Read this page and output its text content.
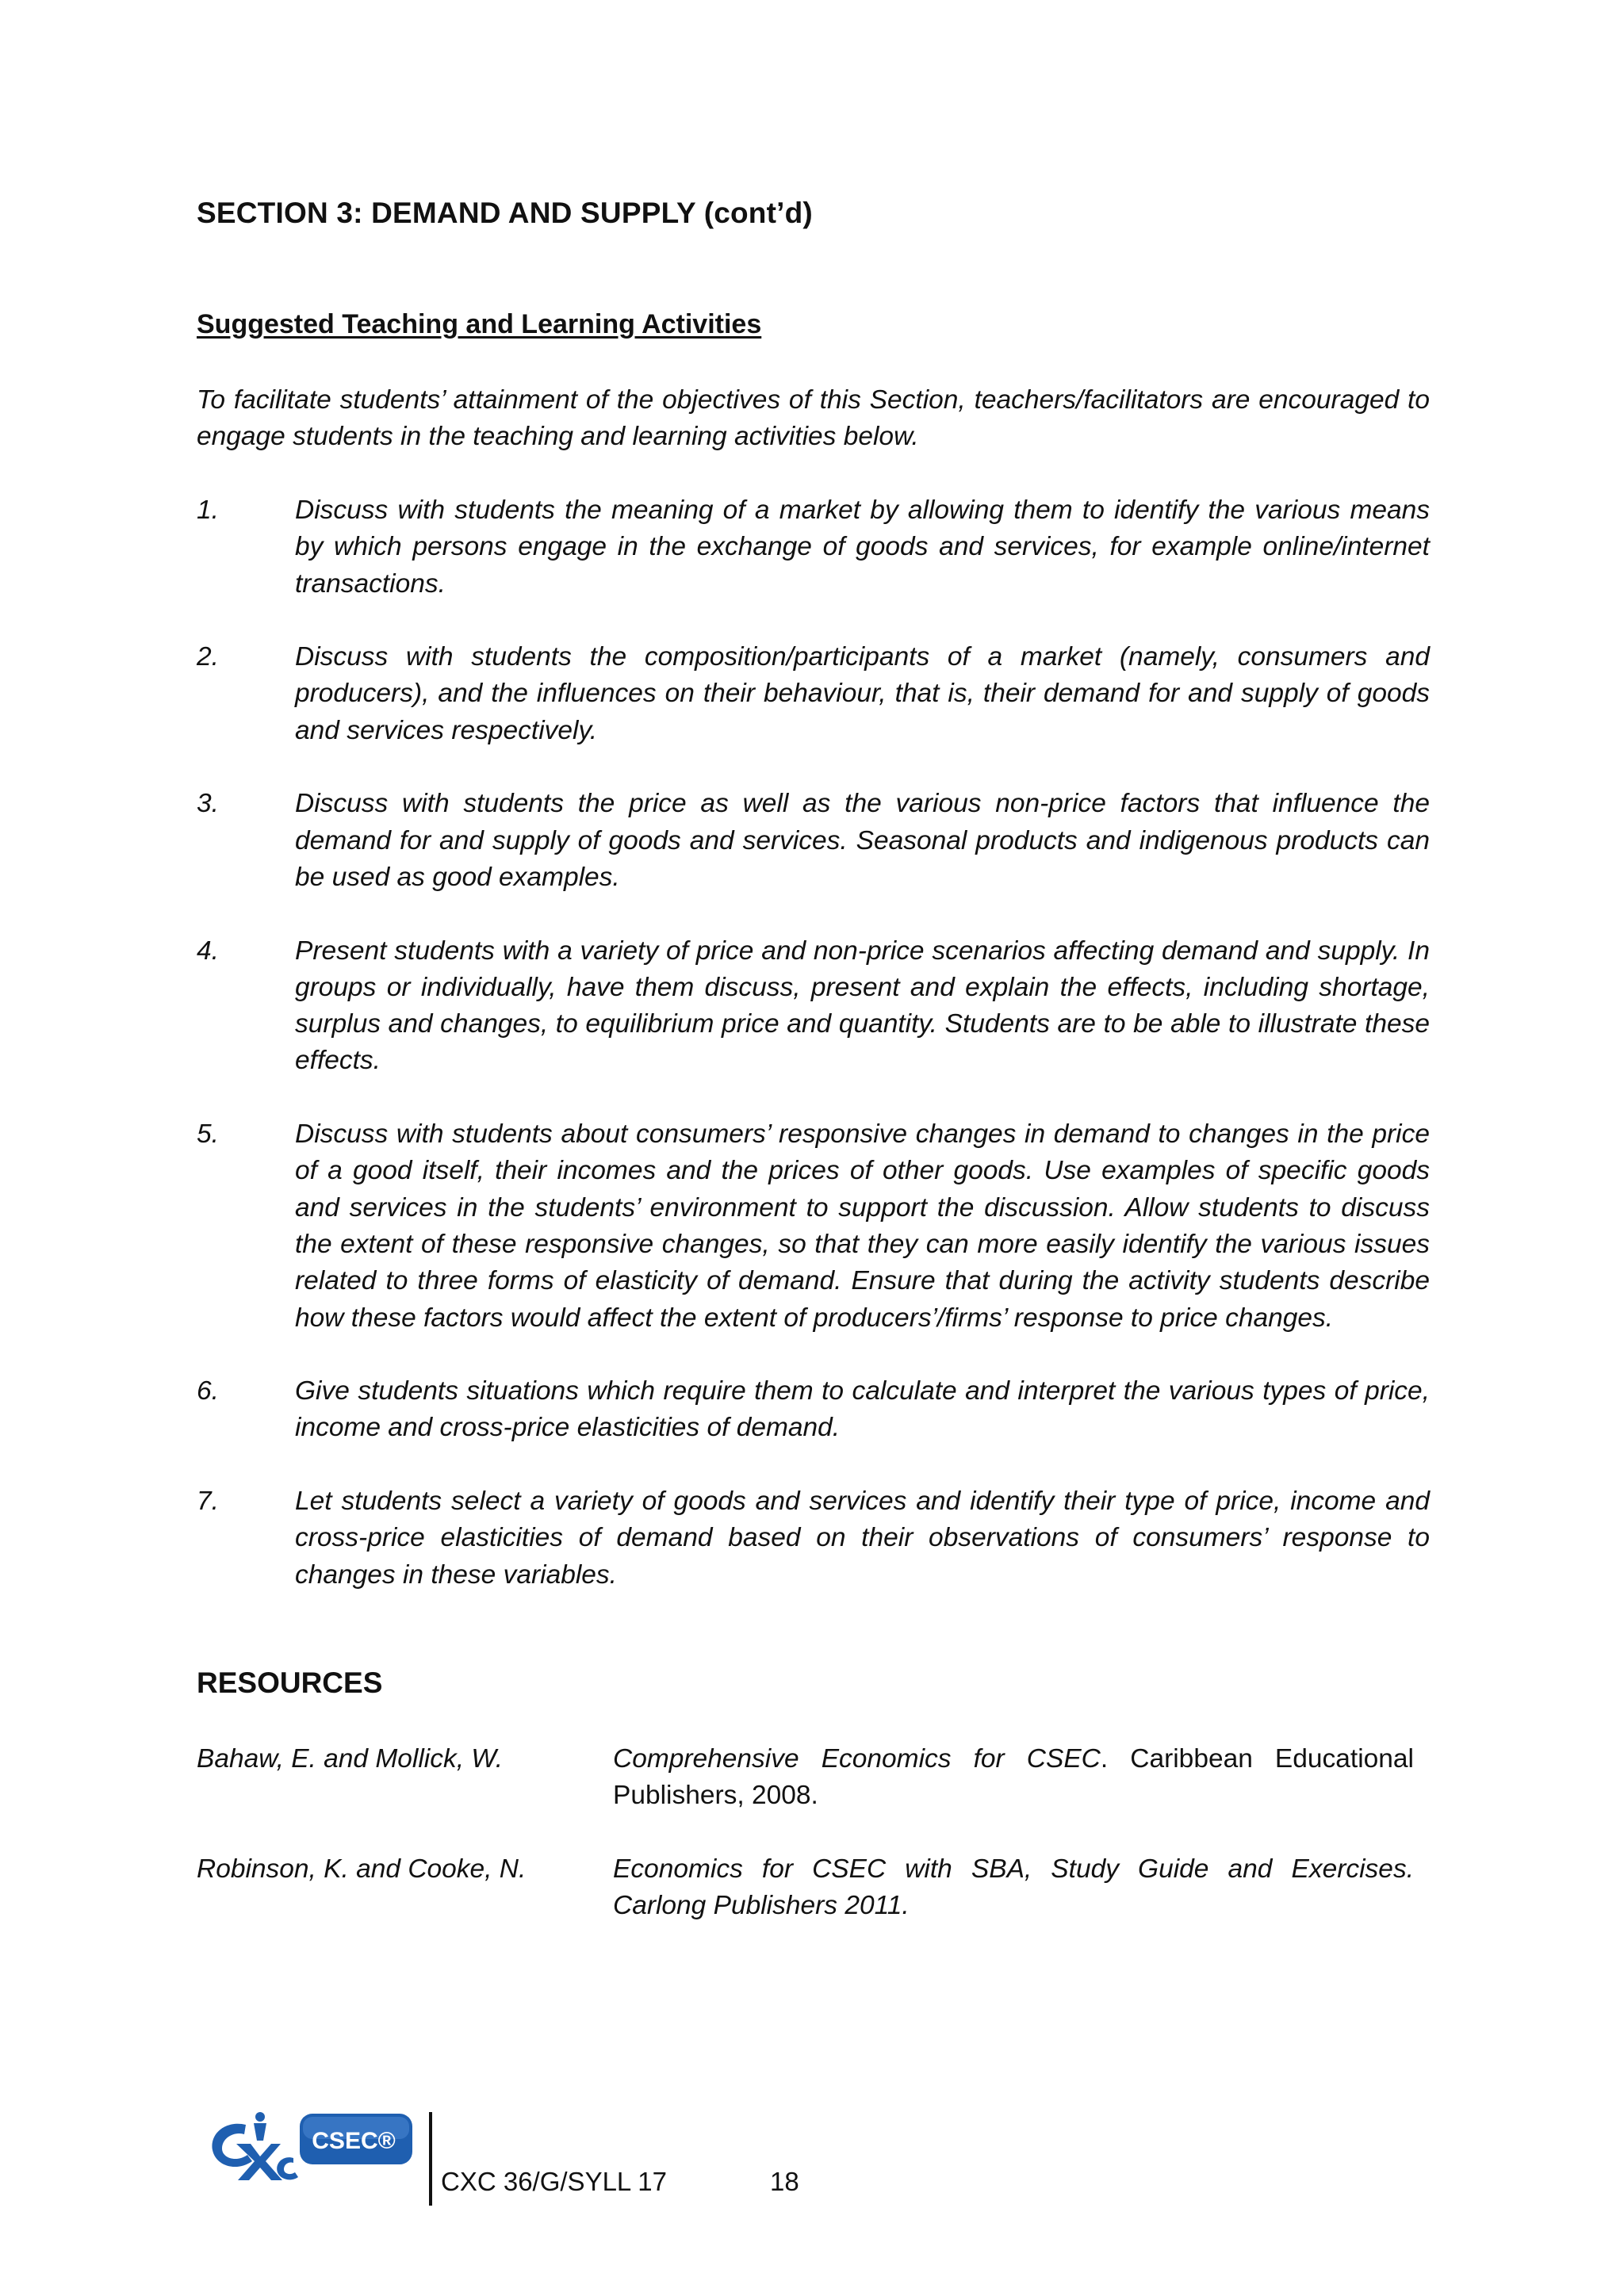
SECTION 3: DEMAND AND SUPPLY (cont’d)
Suggested Teaching and Learning Activities
To facilitate students’ attainment of the objectives of this Section, teachers/facilitators are encouraged to engage students in the teaching and learning activities below.
1.	Discuss with students the meaning of a market by allowing them to identify the various means by which persons engage in the exchange of goods and services, for example online/internet transactions.
2.	Discuss with students the composition/participants of a market (namely, consumers and producers), and the influences on their behaviour, that is, their demand for and supply of goods and services respectively.
3.	Discuss with students the price as well as the various non-price factors that influence the demand for and supply of goods and services. Seasonal products and indigenous products can be used as good examples.
4.	Present students with a variety of price and non-price scenarios affecting demand and supply. In groups or individually, have them discuss, present and explain the effects, including shortage, surplus and changes, to equilibrium price and quantity. Students are to be able to illustrate these effects.
5.	Discuss with students about consumers’ responsive changes in demand to changes in the price of a good itself, their incomes and the prices of other goods. Use examples of specific goods and services in the students’ environment to support the discussion. Allow students to discuss the extent of these responsive changes, so that they can more easily identify the various issues related to three forms of elasticity of demand. Ensure that during the activity students describe how these factors would affect the extent of producers’/firms’ response to price changes.
6.	Give students situations which require them to calculate and interpret the various types of price, income and cross-price elasticities of demand.
7.	Let students select a variety of goods and services and identify their type of price, income and cross-price elasticities of demand based on their observations of consumers’ response to changes in these variables.
RESOURCES
Bahaw, E. and Mollick, W.	Comprehensive Economics for CSEC. Caribbean Educational Publishers, 2008.
Robinson, K. and Cooke, N.	Economics for CSEC with SBA, Study Guide and Exercises. Carlong Publishers 2011.
CSEC®
CXC 36/G/SYLL 17	18
